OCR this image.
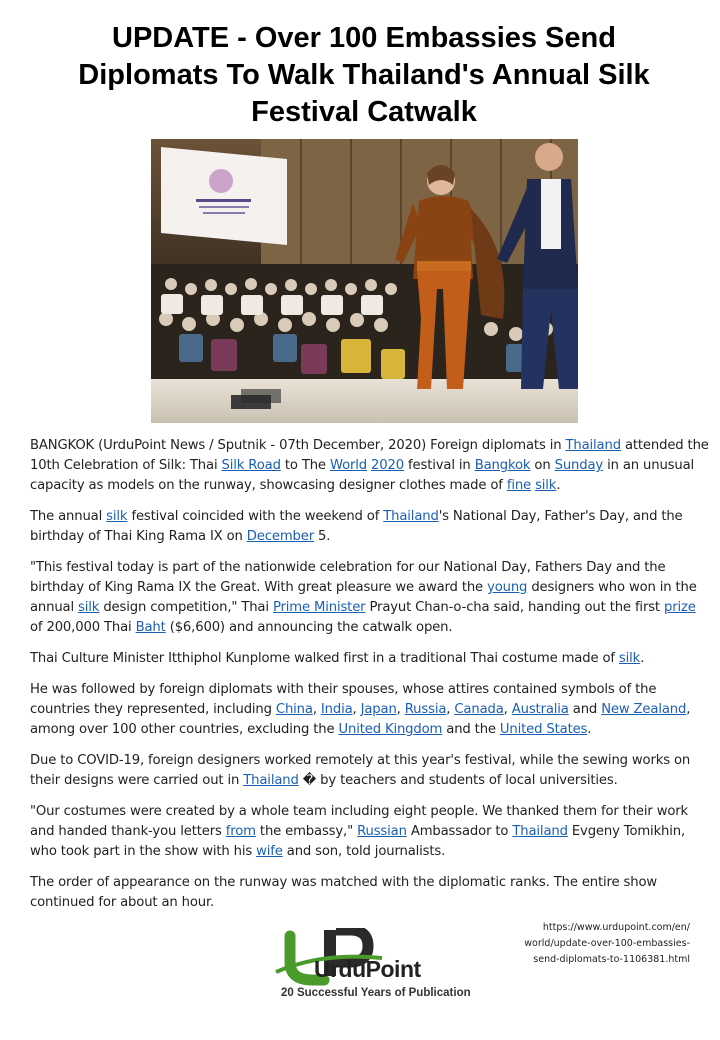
UPDATE - Over 100 Embassies Send Diplomats To Walk Thailand's Annual Silk Festival Catwalk

BANGKOK (UrduPoint News / Sputnik - 07th December, 2020) Foreign diplomats in Thailand attended the 10th Celebration of Silk: Thai Silk Road to The World 2020 festival in Bangkok on Sunday in an unusual capacity as models on the runway, showcasing designer clothes made of fine silk.

The annual silk festival coincided with the weekend of Thailand's National Day, Father's Day, and the birthday of Thai King Rama IX on December 5.

"This festival today is part of the nationwide celebration for our National Day, Fathers Day and the birthday of King Rama IX the Great. With great pleasure we award the young designers who won in the annual silk design competition," Thai Prime Minister Prayut Chan-o-cha said, handing out the first prize of 200,000 Thai Baht ($6,600) and announcing the catwalk open.

Thai Culture Minister Itthiphol Kunplome walked first in a traditional Thai costume made of silk.

He was followed by foreign diplomats with their spouses, whose attires contained symbols of the countries they represented, including China, India, Japan, Russia, Canada, Australia and New Zealand, among over 100 other countries, excluding the United Kingdom and the United States.

Due to COVID-19, foreign designers worked remotely at this year's festival, while the sewing works on their designs were carried out in Thailand � by teachers and students of local universities.

"Our costumes were created by a whole team including eight people. We thanked them for their work and handed thank-you letters from the embassy," Russian Ambassador to Thailand Evgeny Tomikhin, who took part in the show with his wife and son, told journalists.

The order of appearance on the runway was matched with the diplomatic ranks. The entire show continued for about an hour.

https://www.urdupoint.com/en/
world/update-over-100-embassies-
send-diplomats-to-1106381.html
UrduPoint
20 Successful Years of Publication
